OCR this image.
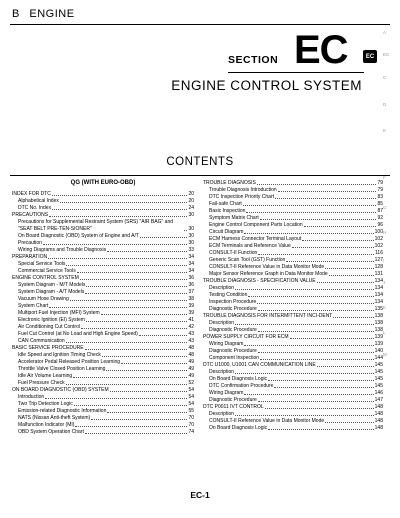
B ENGINE
SECTION EC	EC
ENGINE CONTROL SYSTEM
CONTENTS
A
EC
C
D
E
F
G
H
I
J
K
L
M
QG (WITH EURO-OBD)
INDEX FOR DTC	20
Alphabetical Index	20
DTC No. Index	24
PRECAUTIONS	30
Precautions for Supplemental Restraint System (SRS) "AIR BAG" and "SEAT BELT PRE-TEN-SIONER"	30
On Board Diagnostic (OBD) System of Engine and A/T	30
Precaution	30
Wiring Diagrams and Trouble Diagnosis	33
PREPARATION	34
Special Service Tools	34
Commercial Service Tools	34
ENGINE CONTROL SYSTEM	36
System Diagram - M/T Models	36
System Diagram - A/T Models	37
Vacuum Hose Drawing	38
System Chart	39
Multiport Fuel Injection (MFI) System	39
Electronic Ignition (EI) System	41
Air Conditioning Cut Control	42
Fuel Cut Control (at No Load and High Engine Speed)	43
CAN Communication	43
BASIC SERVICE PROCEDURE	48
Idle Speed and Ignition Timing Check	48
Accelerator Pedal Released Position Learning	49
Throttle Valve Closed Position Learning	49
Idle Air Volume Learning	49
Fuel Pressure Check	52
ON BOARD DIAGNOSTIC (OBD) SYSTEM	54
Introduction	54
Two Trip Detection Logic	54
Emission-related Diagnostic Information	55
NATS (Nissan Anti-theft System)	70
Malfunction Indicator (MI)	70
OBD System Operation Chart	74
TROUBLE DIAGNOSIS	79
Trouble Diagnosis Introduction	79
DTC Inspection Priority Chart	83
Fail-safe Chart	85
Basic Inspection	87
Symptom Matrix Chart	92
Engine Control Component Parts Location	96
Circuit Diagram	100
ECM Harness Connector Terminal Layout	102
ECM Terminals and Reference Value	102
CONSULT-II Function	116
Generic Scan Tool (GST) Function	127
CONSULT-II Reference Value in Data Monitor Mode	128
Major Sensor Reference Graph in Data Monitor Mode	131
TROUBLE DIAGNOSIS - SPECIFICATION VALUE	134
Description	134
Testing Condition	134
Inspection Procedure	134
Diagnostic Procedure	135
TROUBLE DIAGNOSIS FOR INTERMITTENT INCI-DENT	138
Description	138
Diagnostic Procedure	138
POWER SUPPLY CIRCUIT FOR ECM	139
Wiring Diagram	139
Diagnostic Procedure	140
Component Inspection	144
DTC U1000, U1001 CAN COMMUNICATION LINE	145
Description	145
On Board Diagnosis Logic	145
DTC Confirmation Procedure	145
Wiring Diagram	146
Diagnostic Procedure	147
DTC P0011 IVT CONTROL	148
Description	148
CONSULT-II Reference Value in Data Monitor Mode	148
On Board Diagnosis Logic	148
EC-1
